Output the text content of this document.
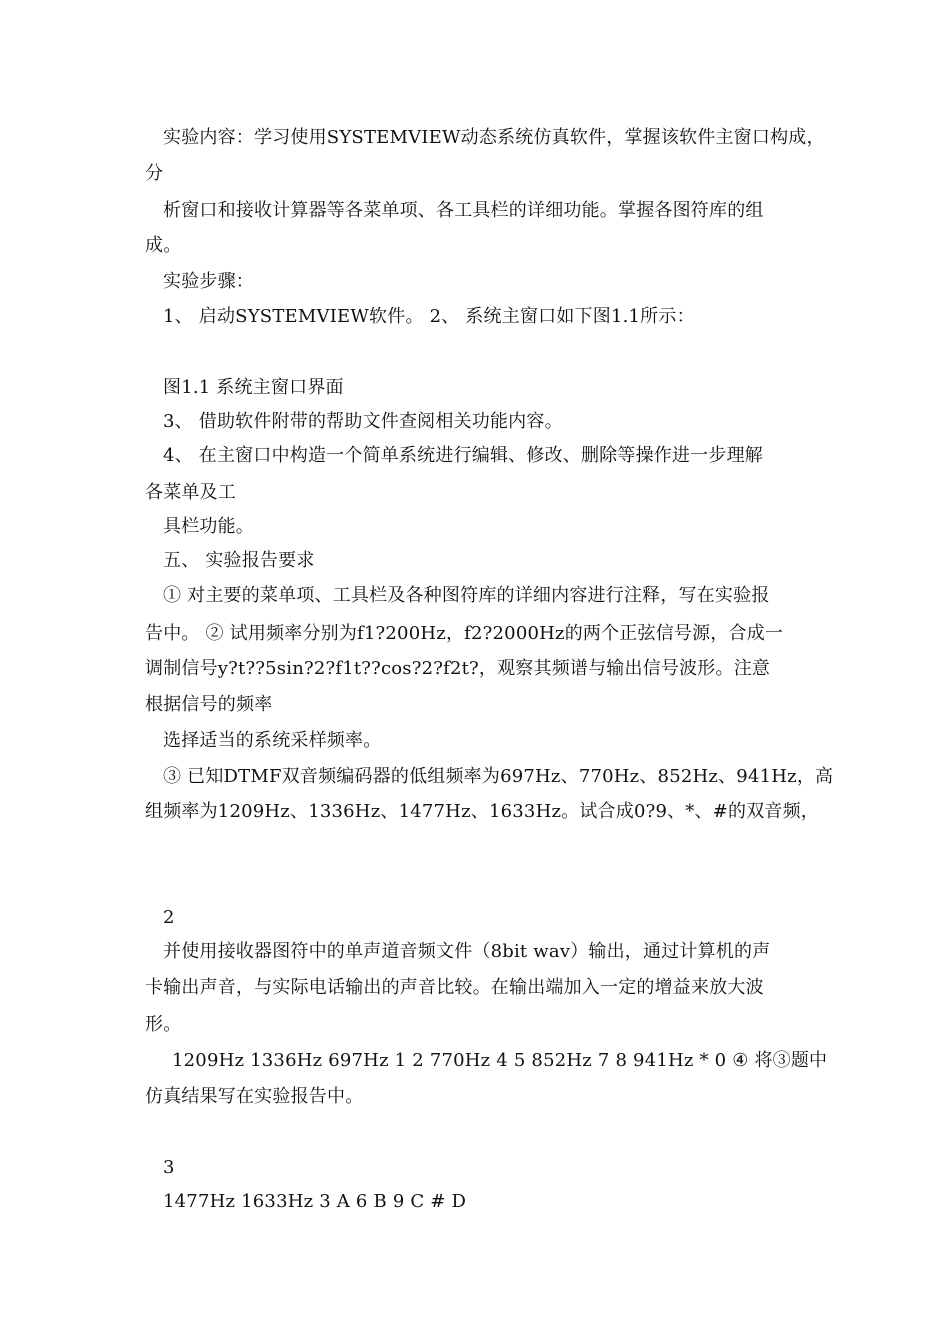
实验内容：学习使用SYSTEMVIEW动态系统仿真软件，掌握该软件主窗口构成，
分
析窗口和接收计算器等各菜单项、各工具栏的详细功能。掌握各图符库的组
成。
实验步骤：
1、 启动SYSTEMVIEW软件。 2、 系统主窗口如下图1.1所示：
图1.1 系统主窗口界面
3、 借助软件附带的帮助文件查阅相关功能内容。
4、 在主窗口中构造一个简单系统进行编辑、修改、删除等操作进一步理解
各菜单及工
具栏功能。
五、 实验报告要求
① 对主要的菜单项、工具栏及各种图符库的详细内容进行注释，写在实验报
告中。 ② 试用频率分别为f1?200Hz，f2?2000Hz的两个正弦信号源，合成一
调制信号y?t??5sin?2?f1t??cos?2?f2t?，观察其频谱与输出信号波形。注意
根据信号的频率
选择适当的系统采样频率。
③ 已知DTMF双音频编码器的低组频率为697Hz、770Hz、852Hz、941Hz，高
组频率为1209Hz、1336Hz、1477Hz、1633Hz。试合成0?9、*、#的双音频，
2
并使用接收器图符中的单声道音频文件（8bit wav）输出，通过计算机的声
卡输出声音，与实际电话输出的声音比较。在输出端加入一定的增益来放大波
形。
1209Hz 1336Hz 697Hz 1 2 770Hz 4 5 852Hz 7 8 941Hz * 0 ④ 将③题中
仿真结果写在实验报告中。
3
1477Hz 1633Hz 3 A 6 B 9 C # D
